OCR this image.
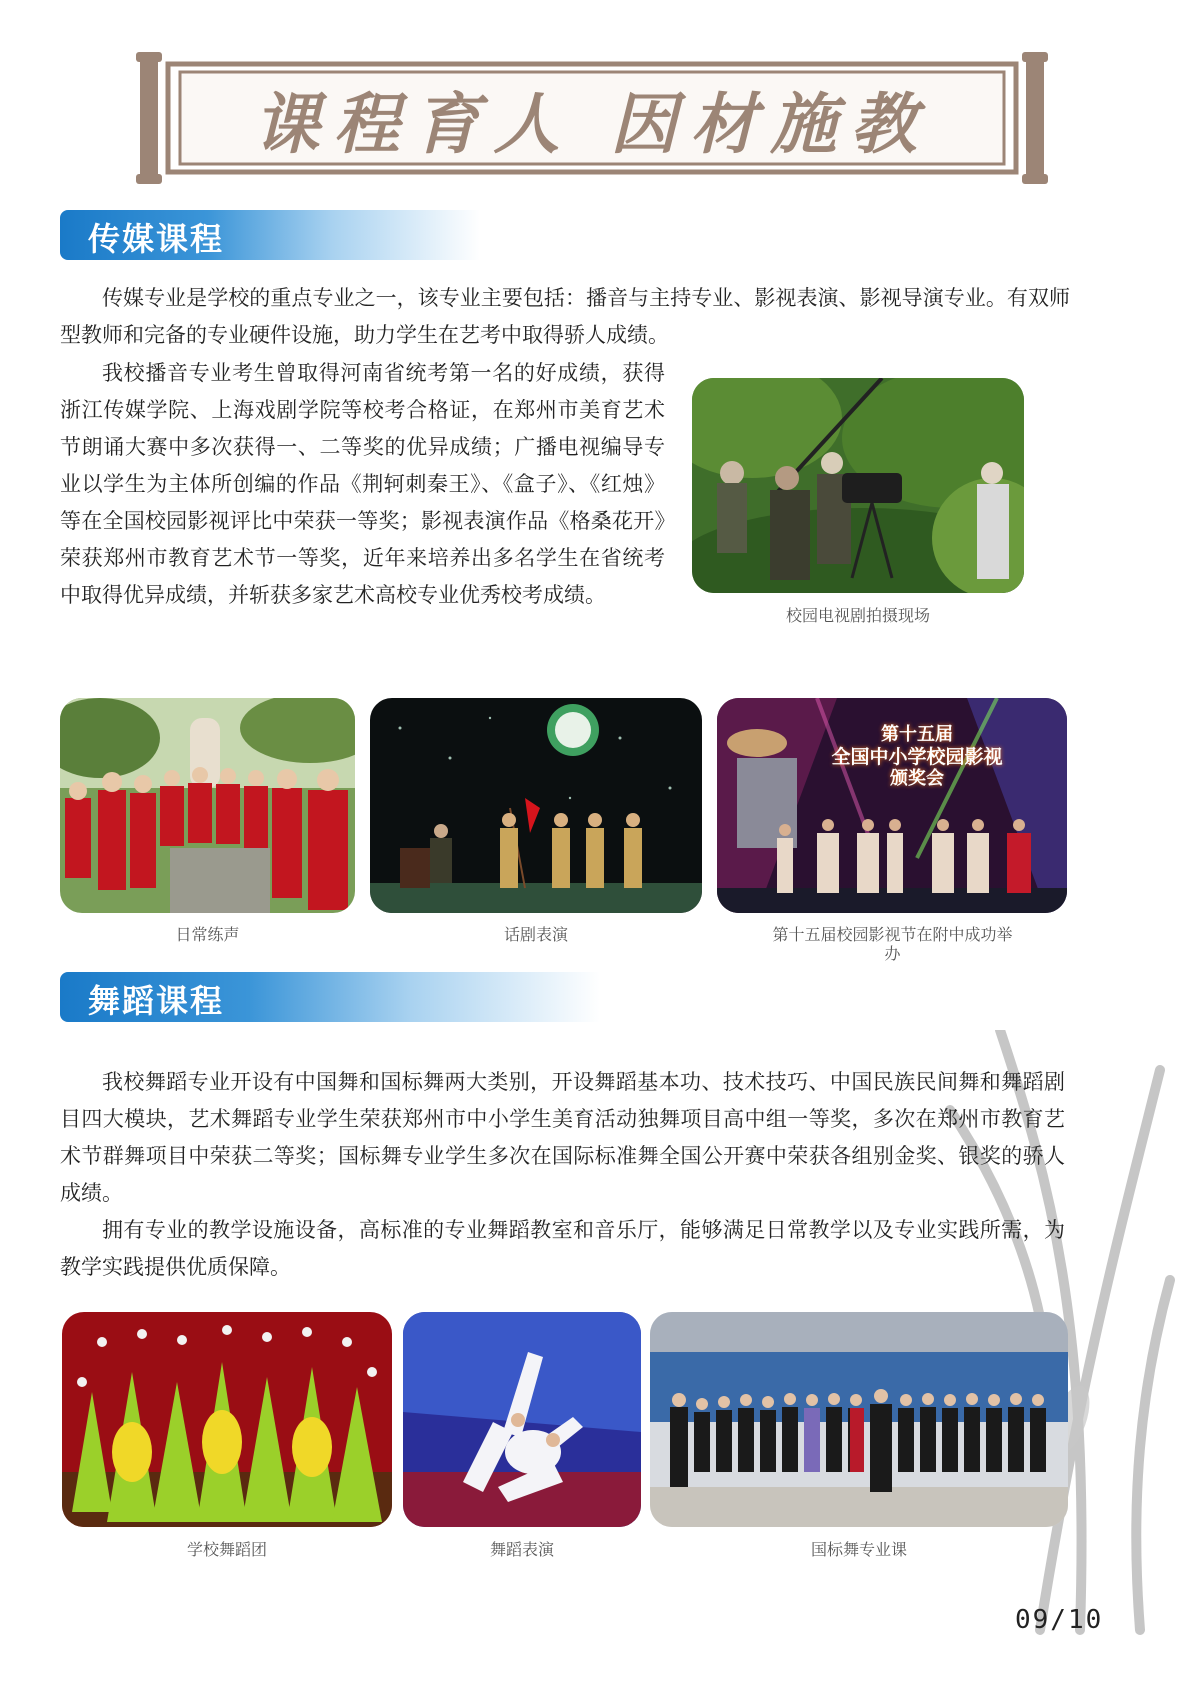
课程育人 因材施教
传媒课程

传媒专业是学校的重点专业之一，该专业主要包括：播音与主持专业、影视表演、影视导演专业。有双师型教师和完备的专业硬件设施，助力学生在艺考中取得骄人成绩。

我校播音专业考生曾取得河南省统考第一名的好成绩，获得浙江传媒学院、上海戏剧学院等校考合格证，在郑州市美育艺术节朗诵大赛中多次获得一、二等奖的优异成绩；广播电视编导专业以学生为主体所创编的作品《荆轲刺秦王》、《盒子》、《红烛》等在全国校园影视评比中荣获一等奖；影视表演作品《格桑花开》荣获郑州市教育艺术节一等奖，近年来培养出多名学生在省统考中取得优异成绩，并斩获多家艺术高校专业优秀校考成绩。

校园电视剧拍摄现场
第十五届
全国中小学校园影视
颁奖会
日常练声	话剧表演	第十五届校园影视节在附中成功举办
舞蹈课程

我校舞蹈专业开设有中国舞和国标舞两大类别，开设舞蹈基本功、技术技巧、中国民族民间舞和舞蹈剧目四大模块，艺术舞蹈专业学生荣获郑州市中小学生美育活动独舞项目高中组一等奖，多次在郑州市教育艺术节群舞项目中荣获二等奖；国标舞专业学生多次在国际标准舞全国公开赛中荣获各组别金奖、银奖的骄人成绩。

拥有专业的教学设施设备，高标准的专业舞蹈教室和音乐厅，能够满足日常教学以及专业实践所需，为教学实践提供优质保障。

学校舞蹈团	舞蹈表演	国标舞专业课
09/10
